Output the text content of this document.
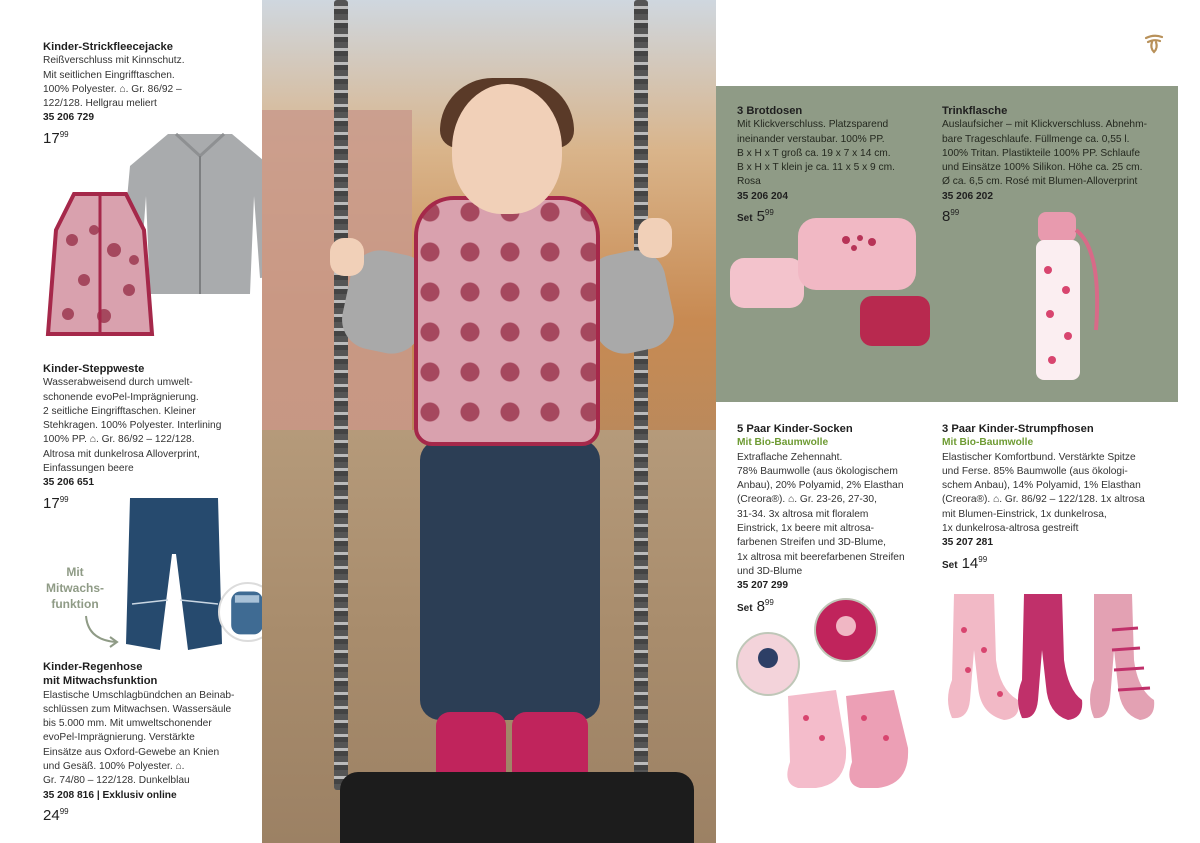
Kinder-Strickfleecejacke
Reißverschluss mit Kinnschutz.
Mit seitlichen Eingrifftaschen.
100% Polyester. ⌂. Gr. 86/92 –
122/128. Hellgrau meliert
35 206 729
$17^{99}$
Kinder-Steppweste
Wasserabweisend durch umwelt-
schonende evoPel-Imprägnierung.
2 seitliche Eingrifftaschen. Kleiner
Stehkragen. 100% Polyester. Interlining
100% PP. ⌂. Gr. 86/92 – 122/128.
Altrosa mit dunkelrosa Alloverprint,
Einfassungen beere
35 206 651
$17^{99}$
Mit
Mitwachs-
funktion
Kinder-Regenhose
mit Mitwachsfunktion
Elastische Umschlagbündchen an Beinab-
schlüssen zum Mitwachsen. Wassersäule
bis 5.000 mm. Mit umweltschonender
evoPel-Imprägnierung. Verstärkte
Einsätze aus Oxford-Gewebe an Knien
und Gesäß. 100% Polyester. ⌂.
Gr. 74/80 – 122/128. Dunkelblau
35 208 816 | Exklusiv online
$24^{99}$
3 Brotdosen
Mit Klickverschluss. Platzsparend
ineinander verstaubar. 100% PP.
B x H x T groß ca. 19 x 7 x 14 cm.
B x H x T klein je ca. 11 x 5 x 9 cm.
Rosa
35 206 204
Set $5^{99}$
Trinkflasche
Auslaufsicher – mit Klickverschluss. Abnehm-
bare Trageschlaufe. Füllmenge ca. 0,55 l.
100% Tritan. Plastikteile 100% PP. Schlaufe
und Einsätze 100% Silikon. Höhe ca. 25 cm.
Ø ca. 6,5 cm. Rosé mit Blumen-Alloverprint
35 206 202
$8^{99}$
5 Paar Kinder-Socken
Mit Bio-Baumwolle
Extraflache Zehennaht.
78% Baumwolle (aus ökologischem
Anbau), 20% Polyamid, 2% Elasthan
(Creora®). ⌂. Gr. 23-26, 27-30,
31-34. 3x altrosa mit floralem
Einstrick, 1x beere mit altrosa-
farbenen Streifen und 3D-Blume,
1x altrosa mit beerefarbenen Streifen
und 3D-Blume
35 207 299
Set $8^{99}$
3 Paar Kinder-Strumpfhosen
Mit Bio-Baumwolle
Elastischer Komfortbund. Verstärkte Spitze
und Ferse. 85% Baumwolle (aus ökologi-
schem Anbau), 14% Polyamid, 1% Elasthan
(Creora®). ⌂. Gr. 86/92 – 122/128. 1x altrosa
mit Blumen-Einstrick, 1x dunkelrosa,
1x dunkelrosa-altrosa gestreift
35 207 281
Set $14^{99}$
